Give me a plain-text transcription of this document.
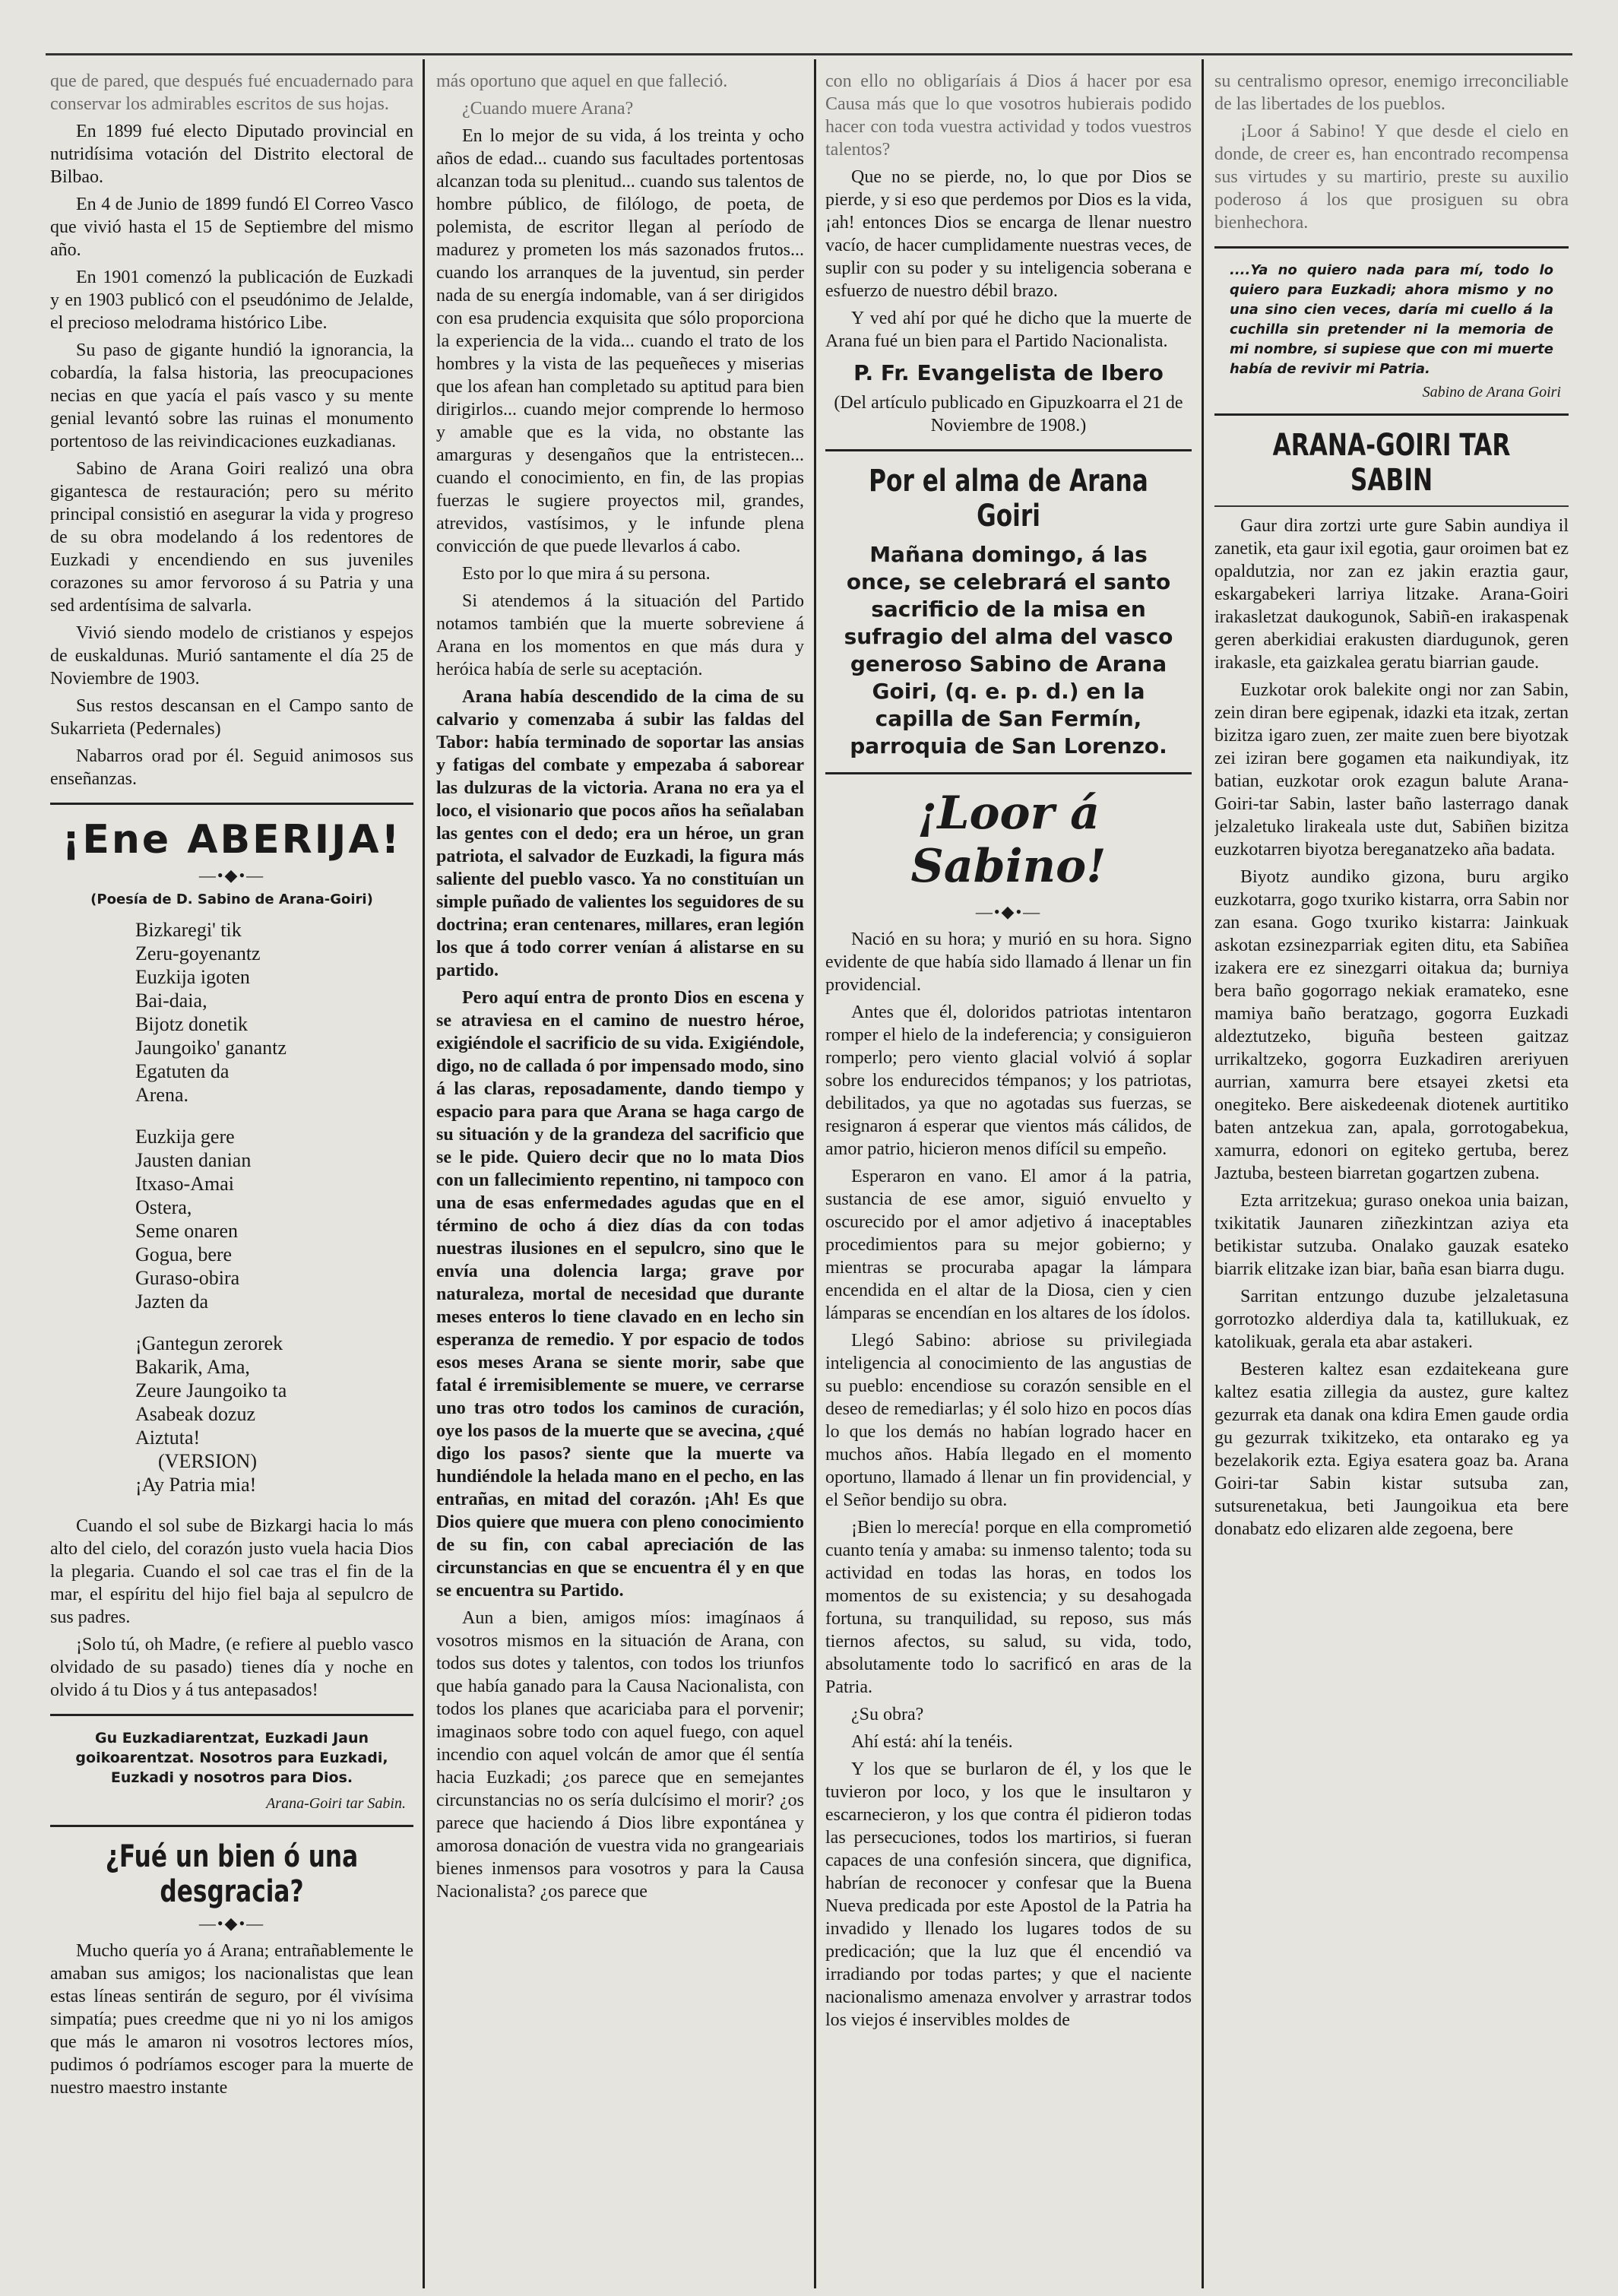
que de pared, que después fué encuadernado para conservar los admirables escritos de sus hojas.

En 1899 fué electo Diputado provincial en nutridísima votación del Distrito electoral de Bilbao.

En 4 de Junio de 1899 fundó El Correo Vasco que vivió hasta el 15 de Septiembre del mismo año.

En 1901 comenzó la publicación de Euzkadi y en 1903 publicó con el pseudónimo de Jelalde, el precioso melodrama histórico Libe.

Su paso de gigante hundió la ignorancia, la cobardía, la falsa historia, las preocupaciones necias en que yacía el país vasco y su mente genial levantó sobre las ruinas el monumento portentoso de las reivindicaciones euzkadianas.

Sabino de Arana Goiri realizó una obra gigantesca de restauración; pero su mérito principal consistió en asegurar la vida y progreso de su obra modelando á los redentores de Euzkadi y encendiendo en sus juveniles corazones su amor fervoroso á su Patria y una sed ardentísima de salvarla.

Vivió siendo modelo de cristianos y espejos de euskaldunas. Murió santamente el día 25 de Noviembre de 1903.

Sus restos descansan en el Campo santo de Sukarrieta (Pedernales)

Nabarros orad por él. Seguid animosos sus enseñanzas.

¡Ene ABERIJA!
—•◆•—
(Poesía de D. Sabino de Arana-Goiri)
Bizkaregi' tik
Zeru-goyenantz
Euzkija igoten
Bai-daia,
Bijotz donetik
Jaungoiko' ganantz
Egatuten da
Arena.
Euzkija gere
Jausten danian
Itxaso-Amai
Ostera,
Seme onaren
Gogua, bere
Guraso-obira
Jazten da
¡Gantegun zerorek
Bakarik, Ama,
Zeure Jaungoiko ta
Asabeak dozuz
Aiztuta!
(VERSION)
¡Ay Patria mia!

Cuando el sol sube de Bizkargi hacia lo más alto del cielo, del corazón justo vuela hacia Dios la plegaria. Cuando el sol cae tras el fin de la mar, el espíritu del hijo fiel baja al sepulcro de sus padres.

¡Solo tú, oh Madre, (e refiere al pueblo vasco olvidado de su pasado) tienes día y noche en olvido á tu Dios y á tus antepasados!

Gu Euzkadiarentzat, Euzkadi Jaun goikoarentzat. Nosotros para Euzkadi, Euzkadi y nosotros para Dios.
Arana-Goiri tar Sabin.
¿Fué un bien ó una desgracia?
—•◆•—

Mucho quería yo á Arana; entrañablemente le amaban sus amigos; los nacionalistas que lean estas líneas sentirán de seguro, por él vivísima simpatía; pues creedme que ni yo ni los amigos que más le amaron ni vosotros lectores míos, pudimos ó podríamos escoger para la muerte de nuestro maestro instante

más oportuno que aquel en que falleció.

¿Cuando muere Arana?

En lo mejor de su vida, á los treinta y ocho años de edad... cuando sus facultades portentosas alcanzan toda su plenitud... cuando sus talentos de hombre público, de filólogo, de poeta, de polemista, de escritor llegan al período de madurez y prometen los más sazonados frutos... cuando los arranques de la juventud, sin perder nada de su energía indomable, van á ser dirigidos con esa prudencia exquisita que sólo proporciona la experiencia de la vida... cuando el trato de los hombres y la vista de las pequeñeces y miserias que los afean han completado su aptitud para bien dirigirlos... cuando mejor comprende lo hermoso y amable que es la vida, no obstante las amarguras y desengaños que la entristecen... cuando el conocimiento, en fin, de las propias fuerzas le sugiere proyectos mil, grandes, atrevidos, vastísimos, y le infunde plena convicción de que puede llevarlos á cabo.

Esto por lo que mira á su persona.

Si atendemos á la situación del Partido notamos también que la muerte sobreviene á Arana en los momentos en que más dura y heróica había de serle su aceptación.

Arana había descendido de la cima de su calvario y comenzaba á subir las faldas del Tabor: había terminado de soportar las ansias y fatigas del combate y empezaba á saborear las dulzuras de la victoria. Arana no era ya el loco, el visionario que pocos años ha señalaban las gentes con el dedo; era un héroe, un gran patriota, el salvador de Euzkadi, la figura más saliente del pueblo vasco. Ya no constituían un simple puñado de valientes los seguidores de su doctrina; eran centenares, millares, eran legión los que á todo correr venían á alistarse en su partido.

Pero aquí entra de pronto Dios en escena y se atraviesa en el camino de nuestro héroe, exigiéndole el sacrificio de su vida. Exigiéndole, digo, no de callada ó por impensado modo, sino á las claras, reposadamente, dando tiempo y espacio para para que Arana se haga cargo de su situación y de la grandeza del sacrificio que se le pide. Quiero decir que no lo mata Dios con un fallecimiento repentino, ni tampoco con una de esas enfermedades agudas que en el término de ocho á diez días da con todas nuestras ilusiones en el sepulcro, sino que le envía una dolencia larga; grave por naturaleza, mortal de necesidad que durante meses enteros lo tiene clavado en en lecho sin esperanza de remedio. Y por espacio de todos esos meses Arana se siente morir, sabe que fatal é irremisiblemente se muere, ve cerrarse uno tras otro todos los caminos de curación, oye los pasos de la muerte que se avecina, ¿qué digo los pasos? siente que la muerte va hundiéndole la helada mano en el pecho, en las entrañas, en mitad del corazón. ¡Ah! Es que Dios quiere que muera con pleno conocimiento de su fin, con cabal apreciación de las circunstancias en que se encuentra él y en que se encuentra su Partido.

Aun a bien, amigos míos: imagínaos á vosotros mismos en la situación de Arana, con todos sus dotes y talentos, con todos los triunfos que había ganado para la Causa Nacionalista, con todos los planes que acariciaba para el porvenir; imaginaos sobre todo con aquel fuego, con aquel incendio con aquel volcán de amor que él sentía hacia Euzkadi; ¿os parece que en semejantes circunstancias no os sería dulcísimo el morir? ¿os parece que haciendo á Dios libre expontánea y amorosa donación de vuestra vida no grangeariais bienes inmensos para vosotros y para la Causa Nacionalista? ¿os parece que

con ello no obligaríais á Dios á hacer por esa Causa más que lo que vosotros hubierais podido hacer con toda vuestra actividad y todos vuestros talentos?

Que no se pierde, no, lo que por Dios se pierde, y si eso que perdemos por Dios es la vida, ¡ah! entonces Dios se encarga de llenar nuestro vacío, de hacer cumplidamente nuestras veces, de suplir con su poder y su inteligencia soberana e esfuerzo de nuestro débil brazo.

Y ved ahí por qué he dicho que la muerte de Arana fué un bien para el Partido Nacionalista.

P. Fr. Evangelista de Ibero
(Del artículo publicado en Gipuzkoarra el 21 de Noviembre de 1908.)
Por el alma de Arana Goiri
Mañana domingo, á las once, se celebrará el santo sacrificio de la misa en sufragio del alma del vasco generoso Sabino de Arana Goiri, (q. e. p. d.) en la capilla de San Fermín, parroquia de San Lorenzo.
¡Loor á Sabino!
—•◆•—

Nació en su hora; y murió en su hora. Signo evidente de que había sido llamado á llenar un fin providencial.

Antes que él, doloridos patriotas intentaron romper el hielo de la indeferencia; y consiguieron romperlo; pero viento glacial volvió á soplar sobre los endurecidos témpanos; y los patriotas, debilitados, ya que no agotadas sus fuerzas, se resignaron á esperar que vientos más cálidos, de amor patrio, hicieron menos difícil su empeño.

Esperaron en vano. El amor á la patria, sustancia de ese amor, siguió envuelto y oscurecido por el amor adjetivo á inaceptables procedimientos para su mejor gobierno; y mientras se procuraba apagar la lámpara encendida en el altar de la Diosa, cien y cien lámparas se encendían en los altares de los ídolos.

Llegó Sabino: abriose su privilegiada inteligencia al conocimiento de las angustias de su pueblo: encendiose su corazón sensible en el deseo de remediarlas; y él solo hizo en pocos días lo que los demás no habían logrado hacer en muchos años. Había llegado en el momento oportuno, llamado á llenar un fin providencial, y el Señor bendijo su obra.

¡Bien lo merecía! porque en ella comprometió cuanto tenía y amaba: su inmenso talento; toda su actividad en todas las horas, en todos los momentos de su existencia; y su desahogada fortuna, su tranquilidad, su reposo, sus más tiernos afectos, su salud, su vida, todo, absolutamente todo lo sacrificó en aras de la Patria.

¿Su obra?

Ahí está: ahí la tenéis.

Y los que se burlaron de él, y los que le tuvieron por loco, y los que le insultaron y escarnecieron, y los que contra él pidieron todas las persecuciones, todos los martirios, si fueran capaces de una confesión sincera, que dignifica, habrían de reconocer y confesar que la Buena Nueva predicada por este Apostol de la Patria ha invadido y llenado los lugares todos de su predicación; que la luz que él encendió va irradiando por todas partes; y que el naciente nacionalismo amenaza envolver y arrastrar todos los viejos é inservibles moldes de

su centralismo opresor, enemigo irreconciliable de las libertades de los pueblos.

¡Loor á Sabino! Y que desde el cielo en donde, de creer es, han encontrado recompensa sus virtudes y su martirio, preste su auxilio poderoso á los que prosiguen su obra bienhechora.

....Ya no quiero nada para mí, todo lo quiero para Euzkadi; ahora mismo y no una sino cien veces, daría mi cuello á la cuchilla sin pretender ni la memoria de mi nombre, si supiese que con mi muerte había de revivir mi Patria.
Sabino de Arana Goiri
ARANA-GOIRI TAR SABIN

Gaur dira zortzi urte gure Sabin aundiya il zanetik, eta gaur ixil egotia, gaur oroimen bat ez opaldutzia, nor zan ez jakin eraztia gaur, eskargabekeri larriya litzake. Arana-Goiri irakasletzat daukogunok, Sabiñ-en irakaspenak geren aberkidiai erakusten diardugunok, geren irakasle, eta gaizkalea geratu biarrian gaude.

Euzkotar orok balekite ongi nor zan Sabin, zein diran bere egipenak, idazki eta itzak, zertan bizitza igaro zuen, zer maite zuen bere biyotzak zei iziran bere gogamen eta naikundiyak, itz batian, euzkotar orok ezagun balute Arana-Goiri-tar Sabin, laster baño lasterrago danak jelzaletuko lirakeala uste dut, Sabiñen bizitza euzkotarren biyotza bereganatzeko aña badata.

Biyotz aundiko gizona, buru argiko euzkotarra, gogo txuriko kistarra, orra Sabin nor zan esana. Gogo txuriko kistarra: Jainkuak askotan ezsinezparriak egiten ditu, eta Sabiñea izakera ere ez sinezgarri oitakua da; burniya bera baño gogorrago nekiak eramateko, esne mamiya baño beratzago, gogorra Euzkadi aldeztutzeko, biguña besteen gaitzaz urrikaltzeko, gogorra Euzkadiren areriyuen aurrian, xamurra bere etsayei zketsi eta onegiteko. Bere aiskedeenak diotenek aurtitiko baten antzekua zan, apala, gorrotogabekua, xamurra, edonori on egiteko gertuba, berez Jaztuba, besteen biarretan gogartzen zubena.

Ezta arritzekua; guraso onekoa unia baizan, txikitatik Jaunaren ziñezkintzan aziya eta betikistar sutzuba. Onalako gauzak esateko biarrik elitzake izan biar, baña esan biarra dugu.

Sarritan entzungo duzube jelzaletasuna gorrotozko alderdiya dala ta, katillukuak, ez katolikuak, gerala eta abar astakeri.

Besteren kaltez esan ezdaitekeana gure kaltez esatia zillegia da austez, gure kaltez gezurrak eta danak ona kdira Emen gaude ordia gu gezurrak txikitzeko, eta ontarako eg ya bezelakorik ezta. Egiya esatera goaz ba. Arana Goiri-tar Sabin kistar sutsuba zan, sutsurenetakua, beti Jaungoikua eta bere donabatz edo elizaren alde zegoena, bere
